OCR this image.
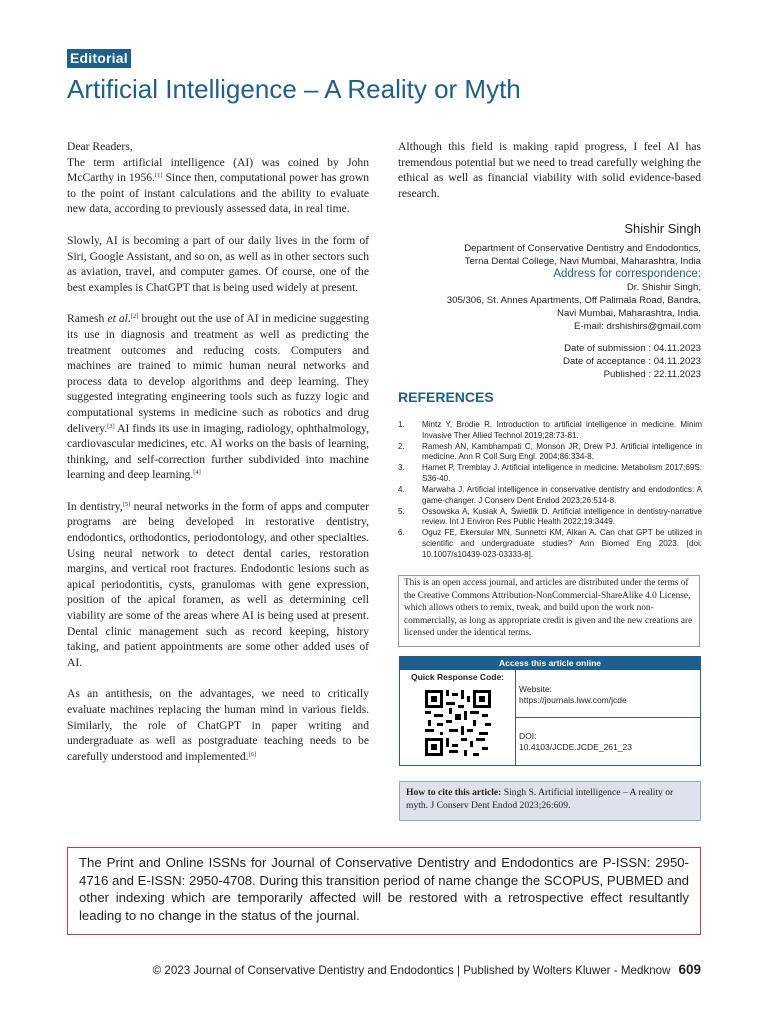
Editorial
Artificial Intelligence – A Reality or Myth

Dear Readers,

The term artificial intelligence (AI) was coined by John McCarthy in 1956.[1] Since then, computational power has grown to the point of instant calculations and the ability to evaluate new data, according to previously assessed data, in real time.

Slowly, AI is becoming a part of our daily lives in the form of Siri, Google Assistant, and so on, as well as in other sectors such as aviation, travel, and computer games. Of course, one of the best examples is ChatGPT that is being used widely at present.

Ramesh et al.[2] brought out the use of AI in medicine suggesting its use in diagnosis and treatment as well as predicting the treatment outcomes and reducing costs. Computers and machines are trained to mimic human neural networks and process data to develop algorithms and deep learning. They suggested integrating engineering tools such as fuzzy logic and computational systems in medicine such as robotics and drug delivery.[3] AI finds its use in imaging, radiology, ophthalmology, cardiovascular medicines, etc. AI works on the basis of learning, thinking, and self-correction further subdivided into machine learning and deep learning.[4]

In dentistry,[5] neural networks in the form of apps and computer programs are being developed in restorative dentistry, endodontics, orthodontics, periodontology, and other specialties. Using neural network to detect dental caries, restoration margins, and vertical root fractures. Endodontic lesions such as apical periodontitis, cysts, granulomas with gene expression, position of the apical foramen, as well as determining cell viability are some of the areas where AI is being used at present. Dental clinic management such as record keeping, history taking, and patient appointments are some other added uses of AI.

As an antithesis, on the advantages, we need to critically evaluate machines replacing the human mind in various fields. Similarly, the role of ChatGPT in paper writing and undergraduate as well as postgraduate teaching needs to be carefully understood and implemented.[6]

Although this field is making rapid progress, I feel AI has tremendous potential but we need to tread carefully weighing the ethical as well as financial viability with solid evidence-based research.
Shishir Singh
Department of Conservative Dentistry and Endodontics,
Terna Dental College, Navi Mumbai, Maharashtra, India
Address for correspondence:
Dr. Shishir Singh,
305/306, St. Annes Apartments, Off Palimala Road, Bandra,
Navi Mumbai, Maharashtra, India.
E-mail: drshishirs@gmail.com
Date of submission : 04.11.2023
Date of acceptance : 04.11.2023
Published : 22.11.2023
REFERENCES
1.	Mintz Y, Brodie R. Introduction to artificial intelligence in medicine. Minim Invasive Ther Allied Technol 2019;28:73-81.
2.	Ramesh AN, Kambhampati C, Monson JR, Drew PJ. Artificial intelligence in medicine. Ann R Coll Surg Engl. 2004;86:334-8.
3.	Hamet P, Tremblay J. Artificial intelligence in medicine. Metabolism 2017;69S: S36-40.
4.	Marwaha J. Artificial intelligence in conservative dentistry and endodontics: A game-changer. J Conserv Dent Endod 2023;26:514-8.
5.	Ossowska A, Kusiak A, Świetlik D. Artificial intelligence in dentistry-narrative review. Int J Environ Res Public Health 2022;19:3449.
6.	Oguz FE, Ekersular MN, Sunnetci KM, Alkan A. Can chat GPT be utilized in scientific and undergraduate studies? Ann Biomed Eng 2023. [doi: 10.1007/s10439-023-03333-8].
This is an open access journal, and articles are distributed under the terms of the Creative Commons Attribution-NonCommercial-ShareAlike 4.0 License, which allows others to remix, tweak, and build upon the work non-commercially, as long as appropriate credit is given and the new creations are licensed under the identical terms.
Access this article online
Quick Response Code:
Website:
https://journals.lww.com/jcde
DOI:
10.4103/JCDE.JCDE_261_23
How to cite this article: Singh S. Artificial intelligence – A reality or myth. J Conserv Dent Endod 2023;26:609.

The Print and Online ISSNs for Journal of Conservative Dentistry and Endodontics are P-ISSN: 2950-4716 and E-ISSN: 2950-4708. During this transition period of name change the SCOPUS, PUBMED and other indexing which are temporarily affected will be restored with a retrospective effect resultantly leading to no change in the status of the journal.

© 2023 Journal of Conservative Dentistry and Endodontics | Published by Wolters Kluwer - Medknow 609
